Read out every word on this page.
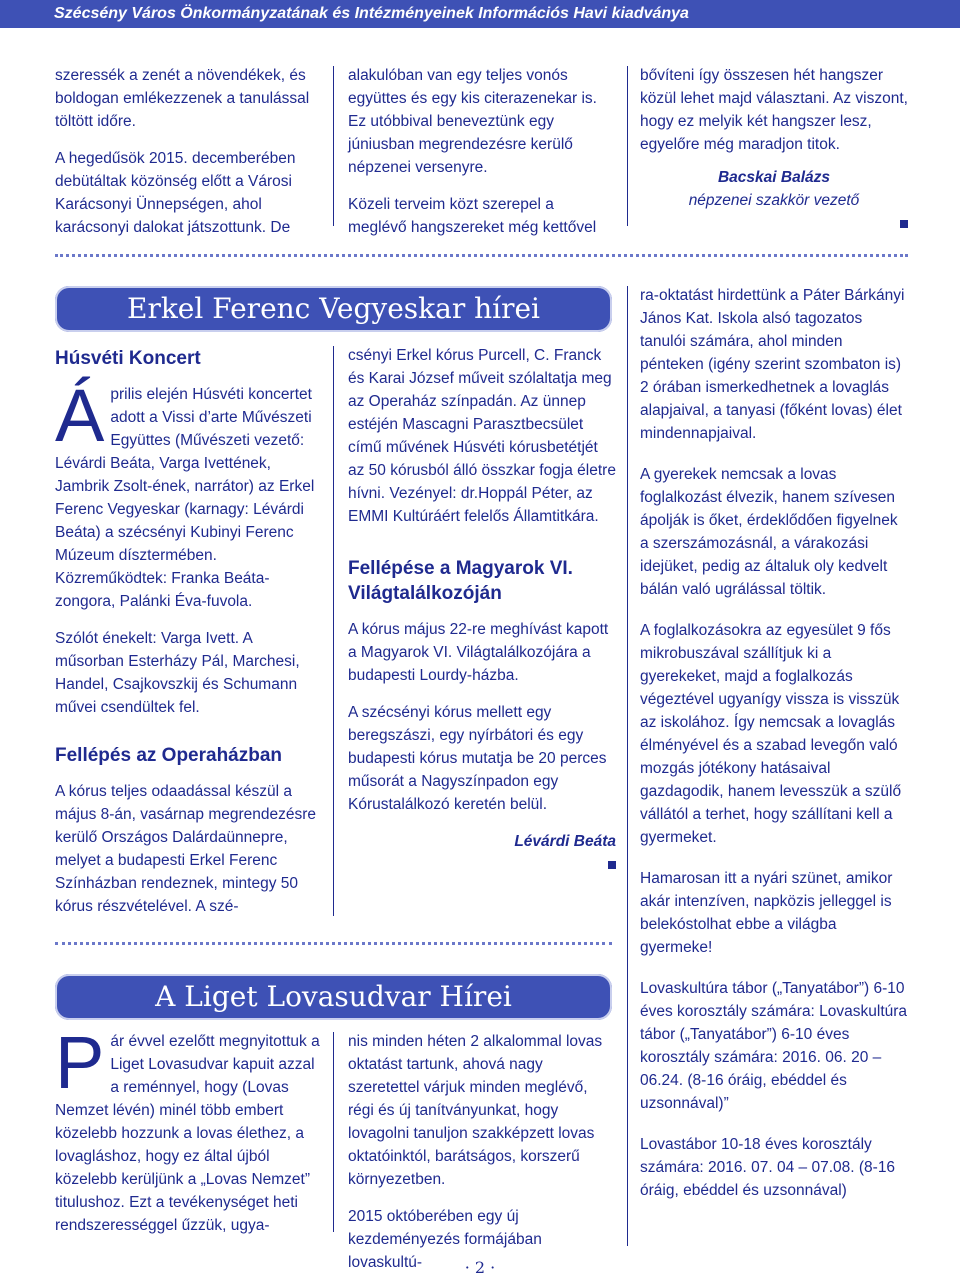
Szécsény Város Önkormányzatának és Intézményeinek Információs Havi kiadványa

szeressék a zenét a növendékek, és boldogan emlékezzenek a tanulással töltött időre.

A hegedűsök 2015. decemberében debütáltak közönség előtt a Városi Karácsonyi Ünnepségen, ahol karácsonyi dalokat játszottunk. De

alakulóban van egy teljes vonós együttes és egy kis citerazenekar is. Ez utóbbival beneveztünk egy júniusban megrendezésre kerülő népzenei versenyre.

Közeli terveim közt szerepel a meglévő hangszereket még kettővel

bővíteni így összesen hét hangszer közül lehet majd választani. Az viszont, hogy ez melyik két hangszer lesz, egyelőre még maradjon titok.

Bacskai Balázs
népzenei szakkör vezető
Erkel Ferenc Vegyeskar hírei
Húsvéti Koncert

Április elején Húsvéti koncertet adott a Vissi d’arte Művészeti Együttes (Művészeti vezető: Lévárdi Beáta, Varga Ivettének, Jambrik Zsolt-ének, narrátor) az Erkel Ferenc Vegyeskar (karnagy: Lévárdi Beáta) a szécsényi Kubinyi Ferenc Múzeum dísztermében. Közreműködtek: Franka Beáta-zongora, Palánki Éva-fuvola.

Szólót énekelt: Varga Ivett. A műsorban Esterházy Pál, Marchesi, Handel, Csajkovszkij és Schumann művei csendültek fel.

Fellépés az Operaházban

A kórus teljes odaadással készül a május 8-án, vasárnap megrendezésre kerülő Országos Dalárdaünnepre, melyet a budapesti Erkel Ferenc Színházban rendeznek, mintegy 50 kórus részvételével. A szé-

csényi Erkel kórus Purcell, C. Franck és Karai József műveit szólaltatja meg az Operaház színpadán. Az ünnep estéjén Mascagni Parasztbecsület című művének Húsvéti kórusbetétjét az 50 kórusból álló összkar fogja életre hívni. Vezényel: dr.Hoppál Péter, az EMMI Kultúráért felelős Államtitkára.

Fellépése a Magyarok VI. Világtalálkozóján

A kórus május 22-re meghívást kapott a Magyarok VI. Világtalálkozójára a budapesti Lourdy-házba.

A szécsényi kórus mellett egy beregszászi, egy nyírbátori és egy budapesti kórus mutatja be 20 perces műsorát a Nagyszínpadon egy Kórustalálkozó keretén belül.

Lévárdi Beáta
A Liget Lovasudvar Hírei

Pár évvel ezelőtt megnyitottuk a Liget Lovasudvar kapuit azzal a reménnyel, hogy (Lovas Nemzet lévén) minél több embert közelebb hozzunk a lovas élethez, a lovagláshoz, hogy ez által újból közelebb kerüljünk a „Lovas Nemzet” titulushoz. Ezt a tevékenységet heti rendszerességgel űzzük, ugya-

nis minden héten 2 alkalommal lovas oktatást tartunk, ahová nagy szeretettel várjuk minden meglévő, régi és új tanítványunkat, hogy lovagolni tanuljon szakképzett lovas oktatóinktól, barátságos, korszerű környezetben.

2015 októberében egy új kezdeményezés formájában lovaskultú-

ra-oktatást hirdettünk a Páter Bárkányi János Kat. Iskola alsó tagozatos tanulói számára, ahol minden pénteken (igény szerint szombaton is) 2 órában ismerkedhetnek a lovaglás alapjaival, a tanyasi (főként lovas) élet mindennapjaival.

A gyerekek nemcsak a lovas foglalkozást élvezik, hanem szívesen ápolják is őket, érdeklődően figyelnek a szerszámozásnál, a várakozási idejüket, pedig az általuk oly kedvelt bálán való ugrálással töltik.

A foglalkozásokra az egyesület 9 fős mikrobuszával szállítjuk ki a gyerekeket, majd a foglalkozás végeztével ugyanígy vissza is visszük az iskolához. Így nemcsak a lovaglás élményével és a szabad levegőn való mozgás jótékony hatásaival gazdagodik, hanem levesszük a szülő vállától a terhet, hogy szállítani kell a gyermeket.

Hamarosan itt a nyári szünet, amikor akár intenzíven, napközis jelleggel is belekóstolhat ebbe a világba gyermeke!

Lovaskultúra tábor („Tanyatábor”) 6-10 éves korosztály számára: Lovaskultúra tábor („Tanyatábor”) 6-10 éves korosztály számára: 2016. 06. 20 – 06.24. (8-16 óráig, ebéddel és uzsonnával)”

Lovastábor 10-18 éves korosztály számára: 2016. 07. 04 – 07.08. (8-16 óráig, ebéddel és uzsonnával)

· 2 ·
